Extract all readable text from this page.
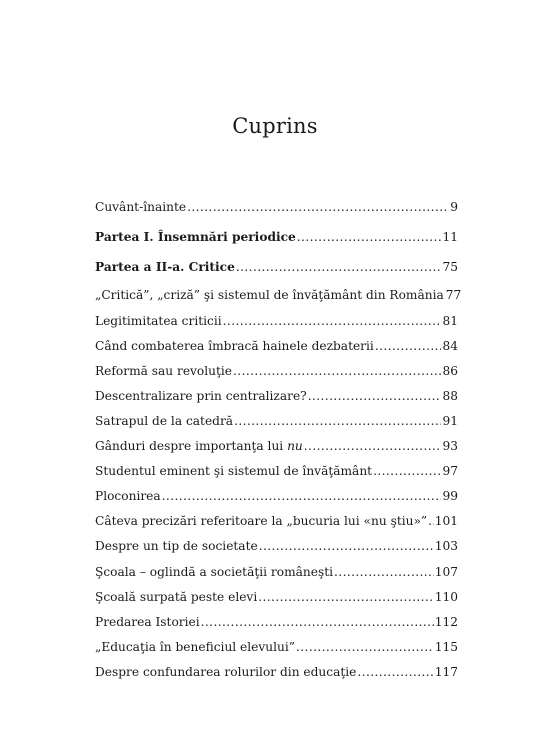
Cuprins
Cuvânt-înainte .....	9
Partea I. Însemnări periodice .....	11
Partea a II-a. Critice .....	75
„Critică”, „criză” şi sistemul de învăţământ din România 77
Legitimitatea criticii .....	81
Când combaterea îmbracă hainele dezbaterii .....	84
Reformă sau revoluţie .....	86
Descentralizare prin centralizare? .....	88
Satrapul de la catedră .....	91
Gânduri despre importanţa lui nu .....	93
Studentul eminent şi sistemul de învăţământ .....	97
Ploconirea .....	99
Câteva precizări referitoare la „bucuria lui «nu ştiu»” ..... 101
Despre un tip de societate .....	103
Şcoala – oglindă a societăţii româneşti .....	107
Şcoală surpată peste elevi .....	110
Predarea Istoriei .....	112
„Educaţia în beneficiul elevului” .....	115
Despre confundarea rolurilor din educaţie .....	117
